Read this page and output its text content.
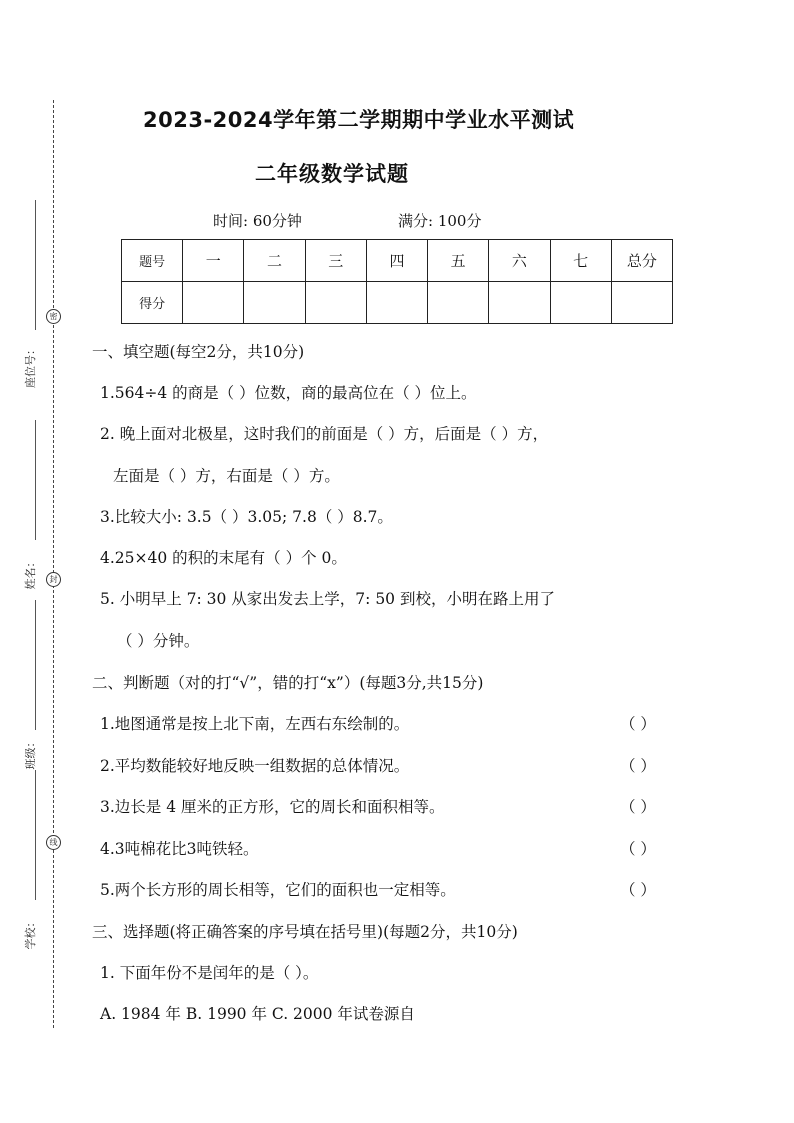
密
封
线
座位号：
姓名：
班级：
学校：
2023-2024学年第二学期期中学业水平测试
二年级数学试题
时间: 60分钟	满分: 100分
题号	一	二	三	四	五	六	七	总分
得分								
一、填空题(每空2分，共10分)
1.564÷4 的商是（ ）位数，商的最高位在（ ）位上。
2. 晚上面对北极星，这时我们的前面是（ ）方，后面是（ ）方，
左面是（ ）方，右面是（ ）方。
3.比较大小: 3.5（ ）3.05; 7.8（ ）8.7。
4.25×40 的积的末尾有（ ）个 0。
5. 小明早上 7: 30 从家出发去上学，7: 50 到校，小明在路上用了
（ ）分钟。
二、判断题（对的打“√”，错的打“x”）(每题3分,共15分)
1.地图通常是按上北下南，左西右东绘制的。	（ ）
2.平均数能较好地反映一组数据的总体情况。	（ ）
3.边长是 4 厘米的正方形，它的周长和面积相等。	（ ）
4.3吨棉花比3吨铁轻。	（ ）
5.两个长方形的周长相等，它们的面积也一定相等。	（ ）
三、选择题(将正确答案的序号填在括号里)(每题2分，共10分)
1. 下面年份不是闰年的是（ ）。
A. 1984 年 B. 1990 年 C. 2000 年试卷源自
